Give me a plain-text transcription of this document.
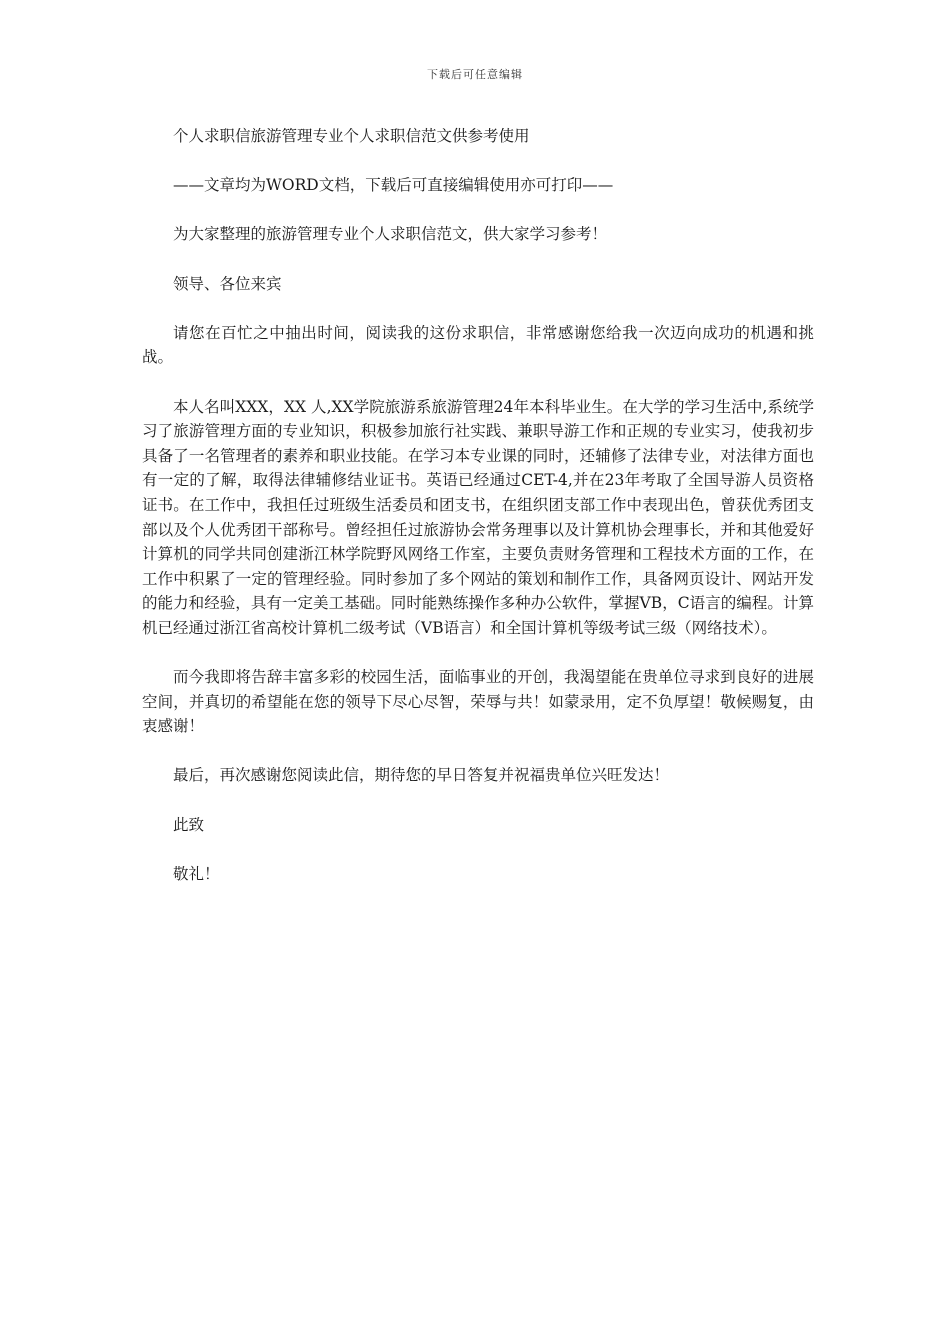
下载后可任意编辑

个人求职信旅游管理专业个人求职信范文供参考使用

——文章均为WORD文档，下载后可直接编辑使用亦可打印——

为大家整理的旅游管理专业个人求职信范文，供大家学习参考！

领导、各位来宾

请您在百忙之中抽出时间，阅读我的这份求职信，非常感谢您给我一次迈向成功的机遇和挑战。

本人名叫XXX，XX 人,XX学院旅游系旅游管理24年本科毕业生。在大学的学习生活中,系统学习了旅游管理方面的专业知识，积极参加旅行社实践、兼职导游工作和正规的专业实习，使我初步具备了一名管理者的素养和职业技能。在学习本专业课的同时，还辅修了法律专业，对法律方面也有一定的了解，取得法律辅修结业证书。英语已经通过CET-4,并在23年考取了全国导游人员资格证书。在工作中，我担任过班级生活委员和团支书，在组织团支部工作中表现出色，曾获优秀团支部以及个人优秀团干部称号。曾经担任过旅游协会常务理事以及计算机协会理事长，并和其他爱好计算机的同学共同创建浙江林学院野风网络工作室，主要负责财务管理和工程技术方面的工作，在工作中积累了一定的管理经验。同时参加了多个网站的策划和制作工作，具备网页设计、网站开发的能力和经验，具有一定美工基础。同时能熟练操作多种办公软件，掌握VB，C语言的编程。计算机已经通过浙江省高校计算机二级考试（VB语言）和全国计算机等级考试三级（网络技术）。

而今我即将告辞丰富多彩的校园生活，面临事业的开创，我渴望能在贵单位寻求到良好的进展空间，并真切的希望能在您的领导下尽心尽智，荣辱与共！如蒙录用，定不负厚望！敬候赐复，由衷感谢！

最后，再次感谢您阅读此信，期待您的早日答复并祝福贵单位兴旺发达！

此致

敬礼！
